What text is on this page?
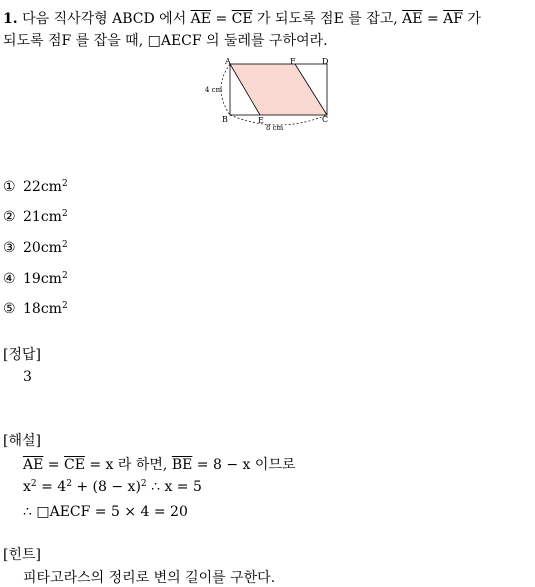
1. 다음 직사각형 ABCD 에서 $\overline{AE} = \overline{CE}$ 가 되도록 점E 를 잡고, $\overline{AE} = \overline{AF}$ 가
되도록 점F 를 잡을 때, □AECF 의 둘레를 구하여라.
A	F	D
B	E	C
4 cm
8 cm
① $22cm^2$
② $21cm^2$
③ $20cm^2$
④ $19cm^2$
⑤ $18cm^2$
[정답]
3
[해설]
$\overline{AE} = \overline{CE} = x$ 라 하면, $\overline{BE} = 8 - x$ 이므로
$x^2 = 4^2 + (8 - x)^2$ ∴ x = 5
∴ □AECF = 5 × 4 = 20
[힌트]
피타고라스의 정리로 변의 길이를 구한다.
